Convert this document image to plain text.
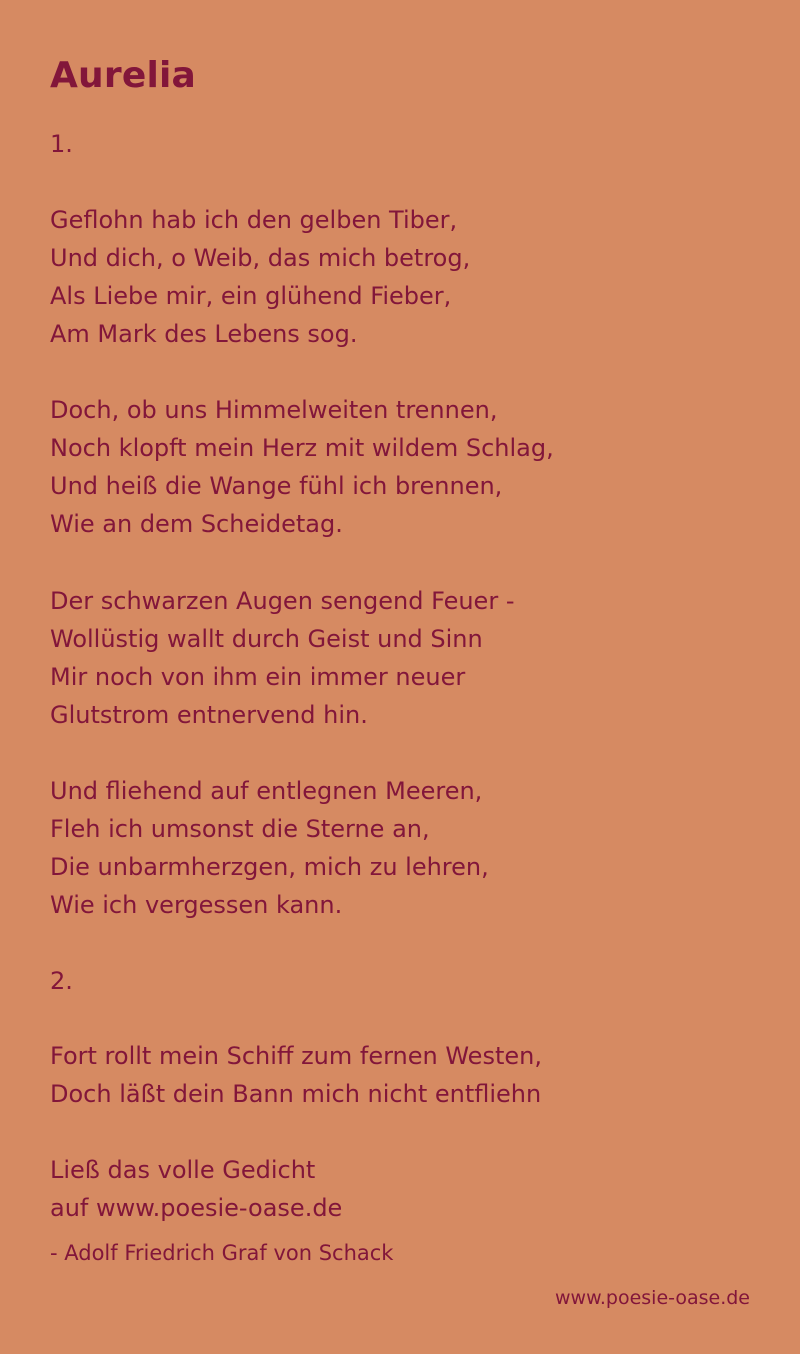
Aurelia
1.
Geflohn hab ich den gelben Tiber,
Und dich, o Weib, das mich betrog,
Als Liebe mir, ein glühend Fieber,
Am Mark des Lebens sog.
Doch, ob uns Himmelweiten trennen,
Noch klopft mein Herz mit wildem Schlag,
Und heiß die Wange fühl ich brennen,
Wie an dem Scheidetag.
Der schwarzen Augen sengend Feuer -
Wollüstig wallt durch Geist und Sinn
Mir noch von ihm ein immer neuer
Glutstrom entnervend hin.
Und fliehend auf entlegnen Meeren,
Fleh ich umsonst die Sterne an,
Die unbarmherzgen, mich zu lehren,
Wie ich vergessen kann.
2.
Fort rollt mein Schiff zum fernen Westen,
Doch läßt dein Bann mich nicht entfliehn
Ließ das volle Gedicht
auf www.poesie-oase.de
- Adolf Friedrich Graf von Schack
www.poesie-oase.de
